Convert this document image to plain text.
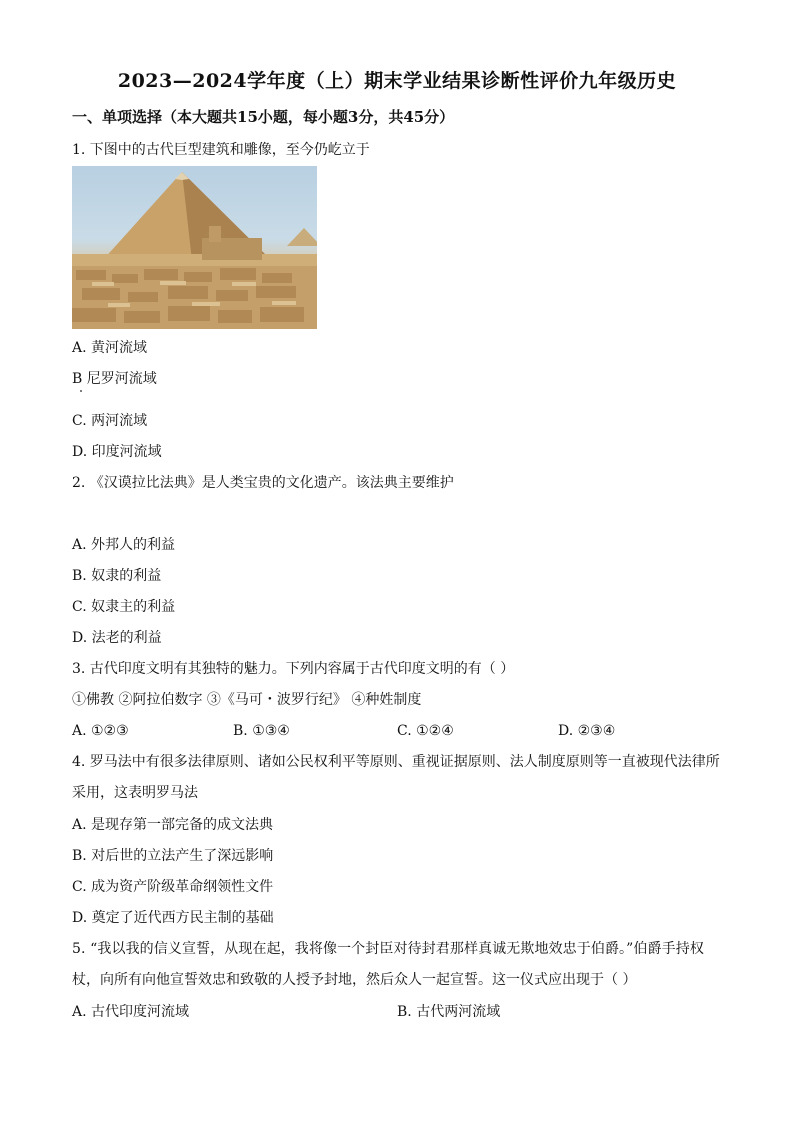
2023—2024学年度（上）期末学业结果诊断性评价九年级历史
一、单项选择（本大题共15小题，每小题3分，共45分）
1. 下图中的古代巨型建筑和雕像，至今仍屹立于
A. 黄河流域
B 尼罗河流域
C. 两河流域
D. 印度河流域
2. 《汉谟拉比法典》是人类宝贵的文化遗产。该法典主要维护
A. 外邦人的利益
B. 奴隶的利益
C. 奴隶主的利益
D. 法老的利益
3. 古代印度文明有其独特的魅力。下列内容属于古代印度文明的有（ ）
①佛教 ②阿拉伯数字 ③《马可・波罗行纪》 ④种姓制度
A. ①②③	B. ①③④	C. ①②④	D. ②③④
4. 罗马法中有很多法律原则、诸如公民权利平等原则、重视证据原则、法人制度原则等一直被现代法律所
采用，这表明罗马法
A. 是现存第一部完备的成文法典
B. 对后世的立法产生了深远影响
C. 成为资产阶级革命纲领性文件
D. 奠定了近代西方民主制的基础
5. “我以我的信义宣誓，从现在起，我将像一个封臣对待封君那样真诚无欺地效忠于伯爵。”伯爵手持权
杖，向所有向他宣誓效忠和致敬的人授予封地，然后众人一起宣誓。这一仪式应出现于（ ）
A. 古代印度河流域	B. 古代两河流域
